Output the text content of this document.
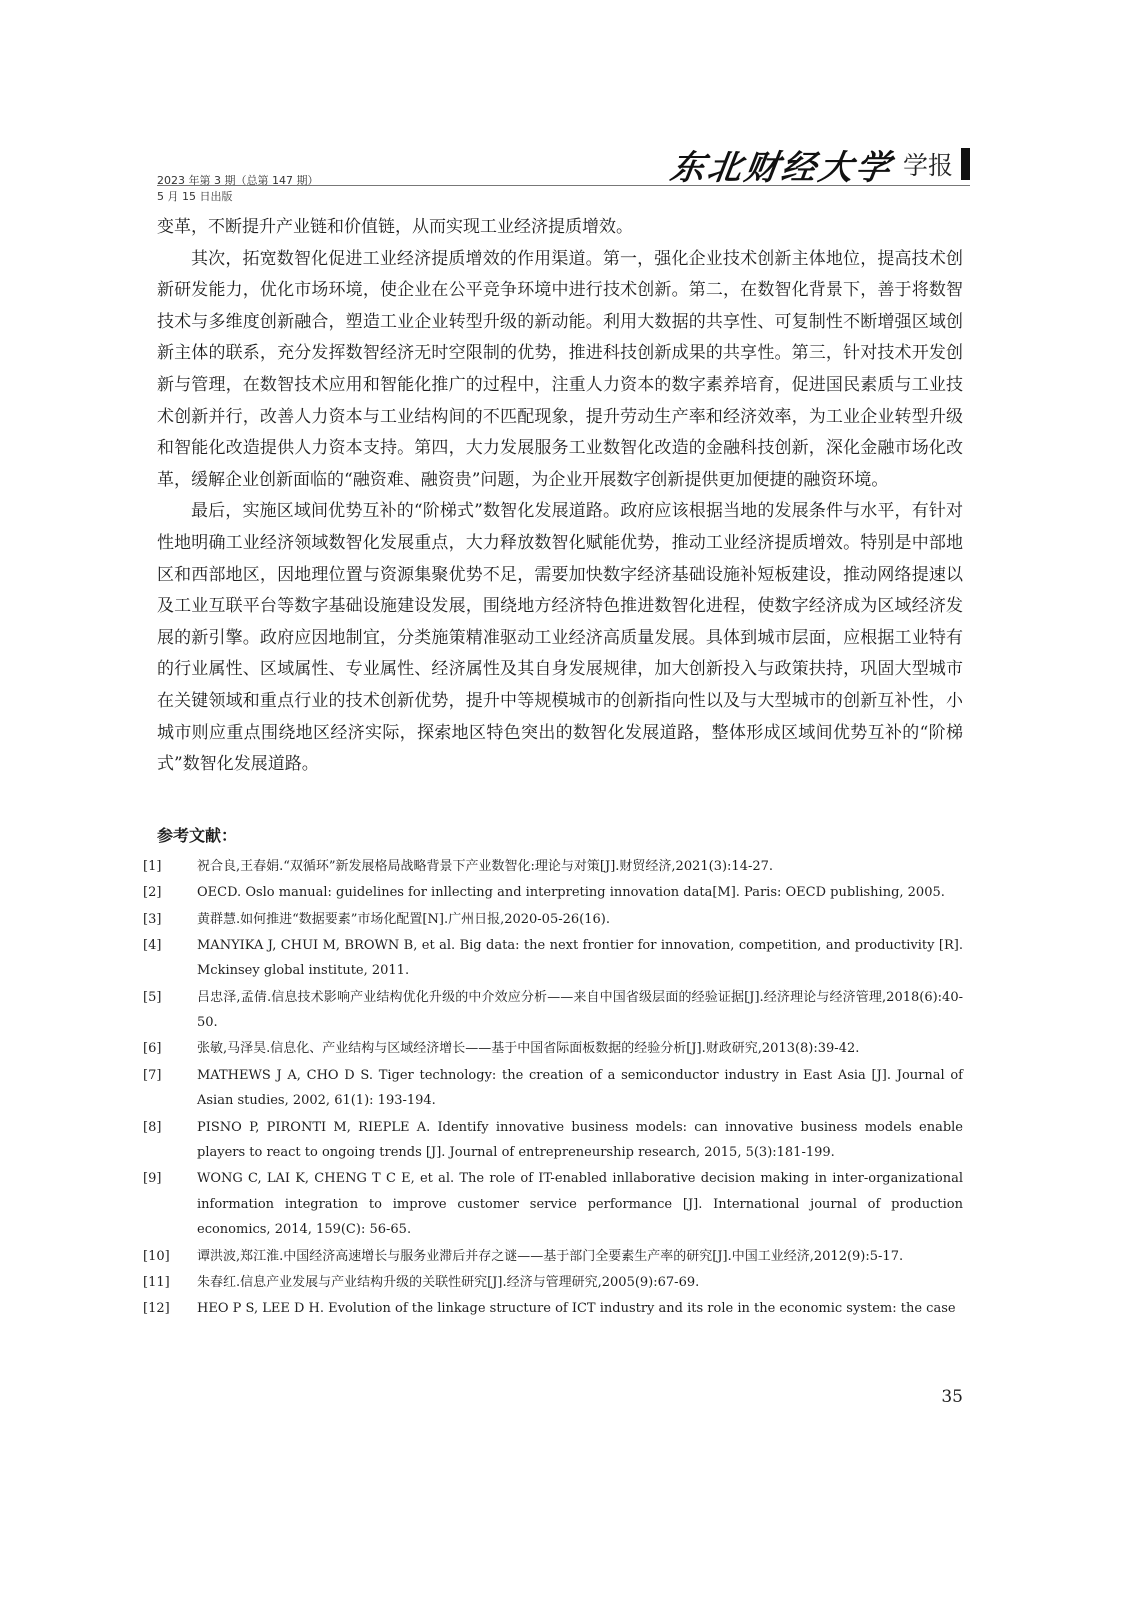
2023 年第 3 期（总第 147 期）
5 月 15 日出版
东北财经大学 学报

变革，不断提升产业链和价值链，从而实现工业经济提质增效。

其次，拓宽数智化促进工业经济提质增效的作用渠道。第一，强化企业技术创新主体地位，提高技术创新研发能力，优化市场环境，使企业在公平竞争环境中进行技术创新。第二，在数智化背景下，善于将数智技术与多维度创新融合，塑造工业企业转型升级的新动能。利用大数据的共享性、可复制性不断增强区域创新主体的联系，充分发挥数智经济无时空限制的优势，推进科技创新成果的共享性。第三，针对技术开发创新与管理，在数智技术应用和智能化推广的过程中，注重人力资本的数字素养培育，促进国民素质与工业技术创新并行，改善人力资本与工业结构间的不匹配现象，提升劳动生产率和经济效率，为工业企业转型升级和智能化改造提供人力资本支持。第四，大力发展服务工业数智化改造的金融科技创新，深化金融市场化改革，缓解企业创新面临的“融资难、融资贵”问题，为企业开展数字创新提供更加便捷的融资环境。

最后，实施区域间优势互补的“阶梯式”数智化发展道路。政府应该根据当地的发展条件与水平，有针对性地明确工业经济领域数智化发展重点，大力释放数智化赋能优势，推动工业经济提质增效。特别是中部地区和西部地区，因地理位置与资源集聚优势不足，需要加快数字经济基础设施补短板建设，推动网络提速以及工业互联平台等数字基础设施建设发展，围绕地方经济特色推进数智化进程，使数字经济成为区域经济发展的新引擎。政府应因地制宜，分类施策精准驱动工业经济高质量发展。具体到城市层面，应根据工业特有的行业属性、区域属性、专业属性、经济属性及其自身发展规律，加大创新投入与政策扶持，巩固大型城市在关键领域和重点行业的技术创新优势，提升中等规模城市的创新指向性以及与大型城市的创新互补性，小城市则应重点围绕地区经济实际，探索地区特色突出的数智化发展道路，整体形成区域间优势互补的“阶梯式”数智化发展道路。

参考文献：
[1]	祝合良,王春娟.“双循环”新发展格局战略背景下产业数智化:理论与对策[J].财贸经济,2021(3):14-27.
[2]	OECD. Oslo manual: guidelines for inllecting and interpreting innovation data[M]. Paris: OECD publishing, 2005.
[3]	黄群慧.如何推进“数据要素”市场化配置[N].广州日报,2020-05-26(16).
[4]	MANYIKA J, CHUI M, BROWN B, et al. Big data: the next frontier for innovation, competition, and productivity [R]. Mckinsey global institute, 2011.
[5]	吕忠泽,孟倩.信息技术影响产业结构优化升级的中介效应分析——来自中国省级层面的经验证据[J].经济理论与经济管理,2018(6):40-50.
[6]	张敏,马泽昊.信息化、产业结构与区域经济增长——基于中国省际面板数据的经验分析[J].财政研究,2013(8):39-42.
[7]	MATHEWS J A, CHO D S. Tiger technology: the creation of a semiconductor industry in East Asia [J]. Journal of Asian studies, 2002, 61(1): 193-194.
[8]	PISNO P, PIRONTI M, RIEPLE A. Identify innovative business models: can innovative business models enable players to react to ongoing trends [J]. Journal of entrepreneurship research, 2015, 5(3):181-199.
[9]	WONG C, LAI K, CHENG T C E, et al. The role of IT-enabled inllaborative decision making in inter-organizational information integration to improve customer service performance [J]. International journal of production economics, 2014, 159(C): 56-65.
[10]	谭洪波,郑江淮.中国经济高速增长与服务业滞后并存之谜——基于部门全要素生产率的研究[J].中国工业经济,2012(9):5-17.
[11]	朱春红.信息产业发展与产业结构升级的关联性研究[J].经济与管理研究,2005(9):67-69.
[12]	HEO P S, LEE D H. Evolution of the linkage structure of ICT industry and its role in the economic system: the case
35
